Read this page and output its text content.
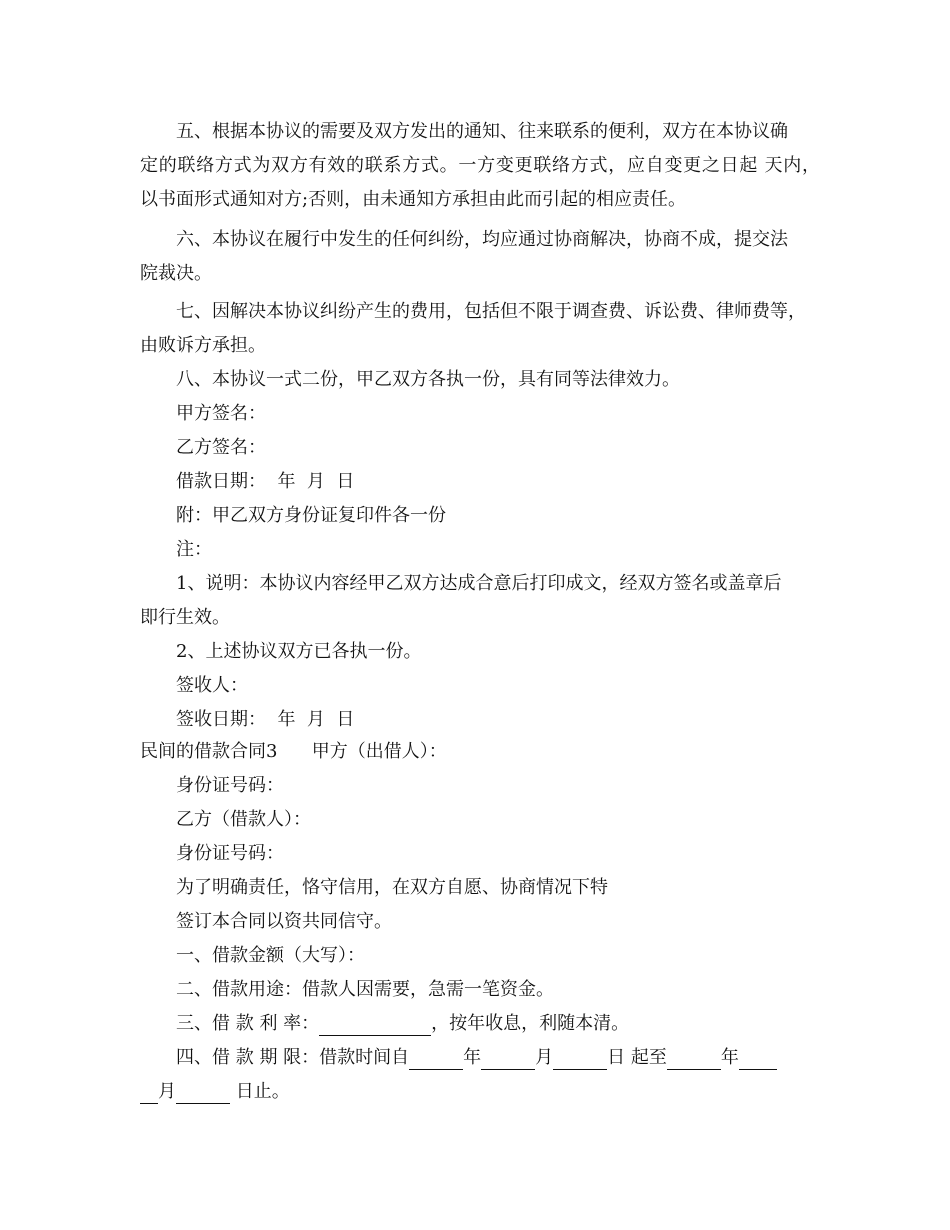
五、根据本协议的需要及双方发出的通知、往来联系的便利，双方在本协议确
定的联络方式为双方有效的联系方式。一方变更联络方式，应自变更之日起 天内，
以书面形式通知对方;否则，由未通知方承担由此而引起的相应责任。
六、本协议在履行中发生的任何纠纷，均应通过协商解决，协商不成，提交法
院裁决。
七、因解决本协议纠纷产生的费用，包括但不限于调查费、诉讼费、律师费等，
由败诉方承担。
八、本协议一式二份，甲乙双方各执一份，具有同等法律效力。
甲方签名：
乙方签名：
借款日期：  年  月  日
附：甲乙双方身份证复印件各一份
注：
1、说明：本协议内容经甲乙双方达成合意后打印成文，经双方签名或盖章后
即行生效。
2、上述协议双方已各执一份。
签收人：
签收日期：  年  月  日
民间的借款合同3      甲方（出借人）：
身份证号码：
乙方（借款人）：
身份证号码：
为了明确责任，恪守信用，在双方自愿、协商情况下特
签订本合同以资共同信守。
一、借款金额（大写）：
二、借款用途：借款人因需要，急需一笔资金。
三、借 款 利 率：	，按年收息，利随本清。
四、借 款 期 限：借款时间自	年	月	日 起至	年
月	日止。
